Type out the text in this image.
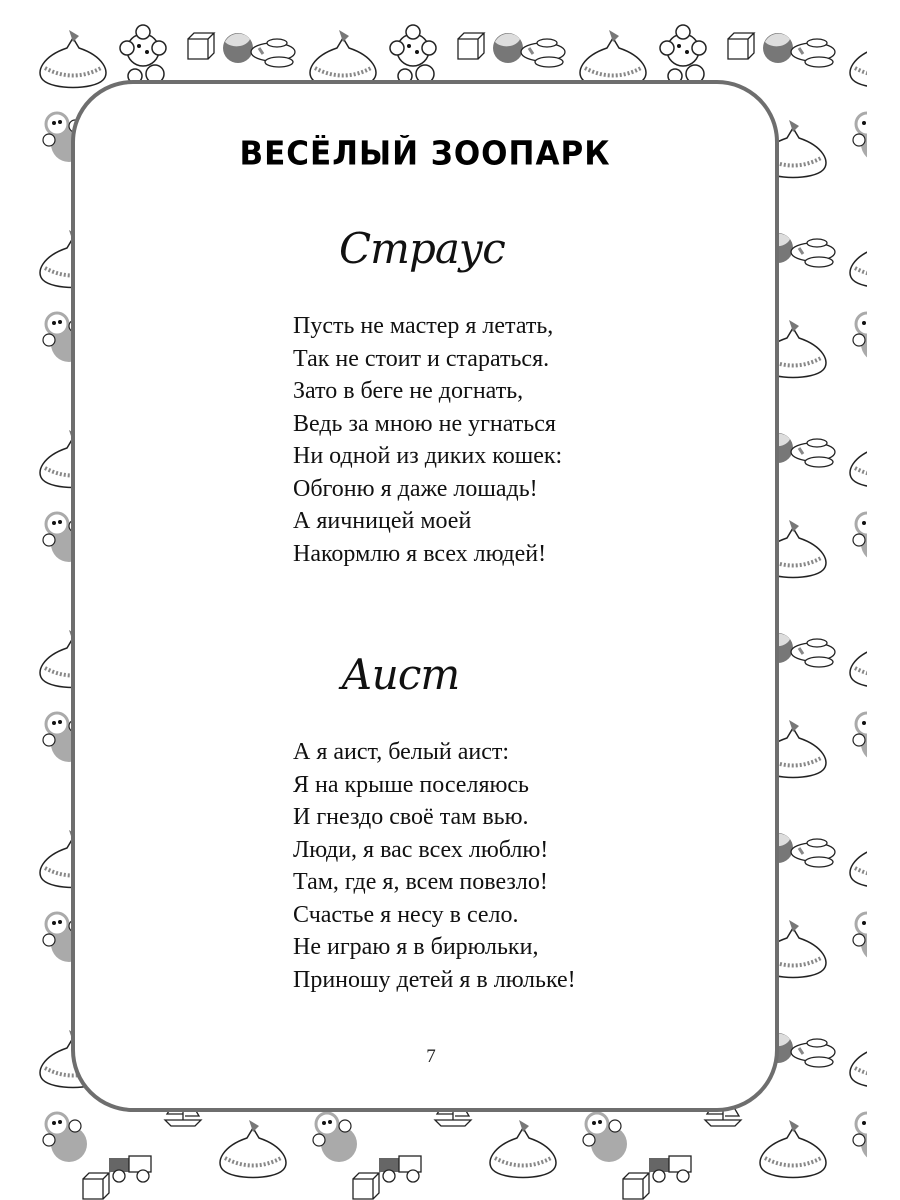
ВЕСЁЛЫЙ ЗООПАРК
Страус
Пусть не мастер я летать,
Так не стоит и стараться.
Зато в беге не догнать,
Ведь за мною не угнаться
Ни одной из диких кошек:
Обгоню я даже лошадь!
А яичницей моей
Накормлю я всех людей!
Аист
А я аист, белый аист:
Я на крыше поселяюсь
И гнездо своё там вью.
Люди, я вас всех люблю!
Там, где я, всем повезло!
Счастье я несу в село.
Не играю я в бирюльки,
Приношу детей я в люльке!
7
